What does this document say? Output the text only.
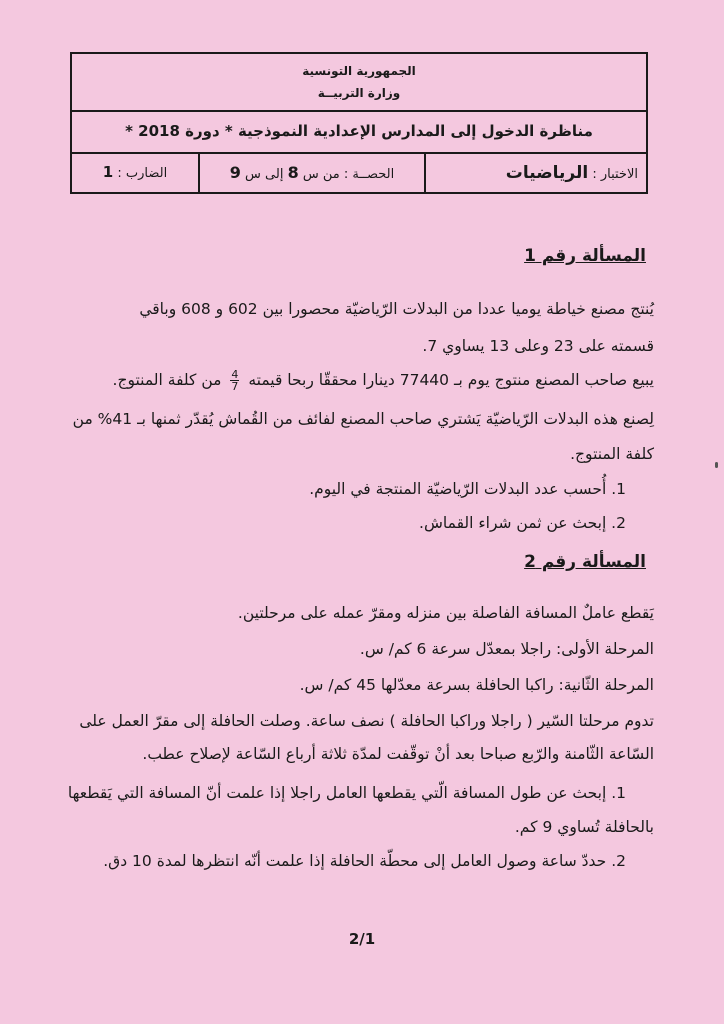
الجمهورية التونسية
وزارة التربيــة
مناظرة الدخول إلى المدارس الإعدادية النموذجية * دورة 2018 *
الاختبار : الرياضيات
الحصــة : من س 8 إلى س 9
الضارب : 1
المسألة رقم 1
يُنتج مصنع خياطة يوميا عددا من البدلات الرّياضيّة محصورا بين 602 و 608 وباقي
قسمته على 23 وعلى 13 يساوي 7.
يبيع صاحب المصنع منتوج يوم بـ 77440 دينارا محققّا ربحا قيمته
$\frac{4}{7}$
من كلفة المنتوج.
لِصنع هذه البدلات الرّياضيّة يَشتري صاحب المصنع لفائف من القُماش يُقدّر ثمنها بـ 41% من
كلفة المنتوج.
1. أُحسب عدد البدلات الرّياضيّة المنتجة في اليوم.
2. إبحث عن ثمن شراء القماش.
المسألة رقم 2
يَقطع عاملٌ المسافة الفاصلة بين منزله ومقرّ عمله على مرحلتين.
المرحلة الأولى: راجلا بمعدّل سرعة 6 كم/ س.
المرحلة الثّانية: راكبا الحافلة بسرعة معدّلها 45 كم/ س.
تدوم مرحلتا السّير ( راجلا وراكبا الحافلة ) نصف ساعة. وصلت الحافلة إلى مقرّ العمل على
السّاعة الثّامنة والرّبع صباحا بعد أنْ توقّفت لمدّة ثلاثة أرباع السّاعة لإصلاح عطب.
1. إبحث عن طول المسافة الّتي يقطعها العامل راجلا إذا علمت أنّ المسافة التي يَقطعها
بالحافلة تُساوي 9 كم.
2. حددّ ساعة وصول العامل إلى محطّة الحافلة إذا علمت أنّه انتظرها لمدة 10 دق.
2/1
